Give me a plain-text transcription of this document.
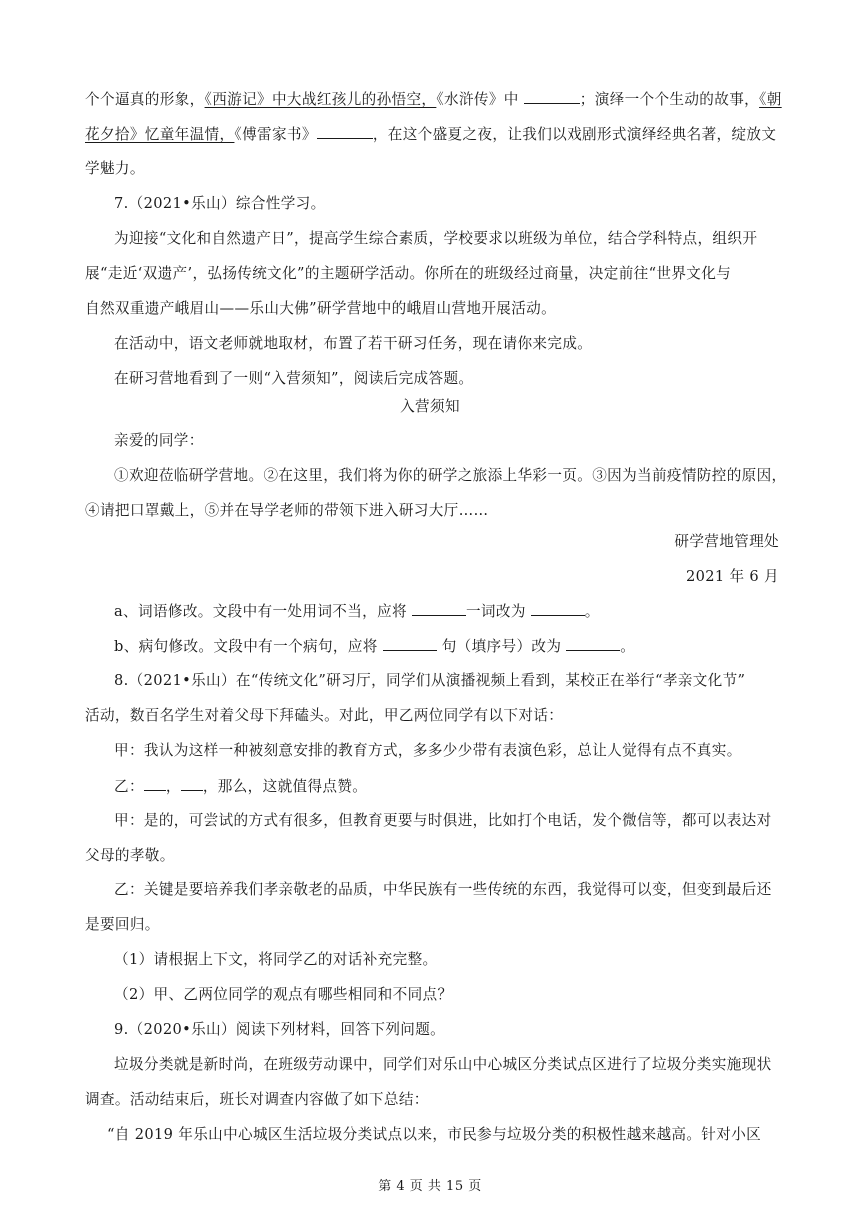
个个逼真的形象，《西游记》中大战红孩儿的孙悟空，《水浒传》中	；演绎一个个生动的故事，《朝
花夕拾》忆童年温情，《傅雷家书》	，在这个盛夏之夜，让我们以戏剧形式演绎经典名著，绽放文
学魅力。
7.（2021•乐山）综合性学习。
为迎接“文化和自然遗产日”，提高学生综合素质，学校要求以班级为单位，结合学科特点，组织开
展“走近‘双遗产’，弘扬传统文化”的主题研学活动。你所在的班级经过商量，决定前往“世界文化与
自然双重遗产峨眉山——乐山大佛”研学营地中的峨眉山营地开展活动。
在活动中，语文老师就地取材，布置了若干研习任务，现在请你来完成。
在研习营地看到了一则“入营须知”，阅读后完成答题。
入营须知
亲爱的同学：
①欢迎莅临研学营地。②在这里，我们将为你的研学之旅添上华彩一页。③因为当前疫情防控的原因，
④请把口罩戴上，⑤并在导学老师的带领下进入研习大厅……
研学营地管理处
2021 年 6 月
a、词语修改。文段中有一处用词不当，应将	一词改为	。
b、病句修改。文段中有一个病句，应将	句（填序号）改为	。
8.（2021•乐山）在“传统文化”研习厅，同学们从演播视频上看到，某校正在举行“孝亲文化节”
活动，数百名学生对着父母下拜磕头。对此，甲乙两位同学有以下对话：
甲：我认为这样一种被刻意安排的教育方式，多多少少带有表演色彩，总让人觉得有点不真实。
乙： ， ，那么，这就值得点赞。
甲：是的，可尝试的方式有很多，但教育更要与时俱进，比如打个电话，发个微信等，都可以表达对
父母的孝敬。
乙：关键是要培养我们孝亲敬老的品质，中华民族有一些传统的东西，我觉得可以变，但变到最后还
是要回归。
（1）请根据上下文，将同学乙的对话补充完整。
（2）甲、乙两位同学的观点有哪些相同和不同点？
9.（2020•乐山）阅读下列材料，回答下列问题。
垃圾分类就是新时尚，在班级劳动课中，同学们对乐山中心城区分类试点区进行了垃圾分类实施现状
调查。活动结束后，班长对调查内容做了如下总结：
“自 2019 年乐山中心城区生活垃圾分类试点以来，市民参与垃圾分类的积极性越来越高。针对小区
第 4 页 共 15 页
